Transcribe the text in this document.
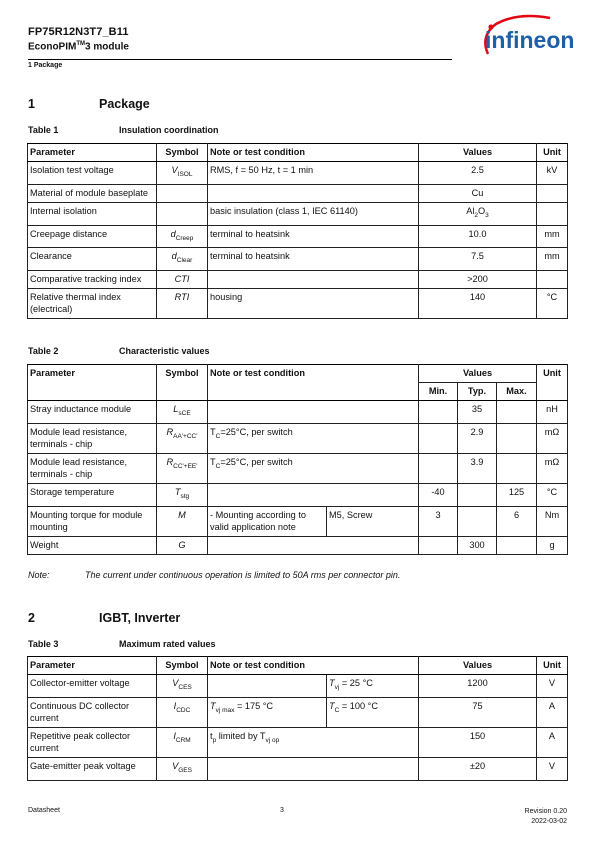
FP75R12N3T7_B11
EconoPIM™3 module
1 Package
infineon
1	Package
Table 1	Insulation coordination
Parameter	Symbol	Note or test condition	Values	Unit
Isolation test voltage	$V_{ISOL}$	RMS, f = 50 Hz, t = 1 min	2.5	kV
Material of module baseplate			Cu	
Internal isolation		basic insulation (class 1, IEC 61140)	$Al_2O_3$	
Creepage distance	$d_{Creep}$	terminal to heatsink	10.0	mm
Clearance	$d_{Clear}$	terminal to heatsink	7.5	mm
Comparative tracking index	CTI		>200	
Relative thermal index (electrical)	RTI	housing	140	°C
Table 2	Characteristic values
Parameter	Symbol	Note or test condition		Values			Unit
				Min.	Typ.	Max.	
Stray inductance module	$L_{sCE}$				35		nH
Module lead resistance, terminals - chip	$R_{AA'+CC'}$	$T_C=25^\circ C$, per switch			2.9		mΩ
Module lead resistance, terminals - chip	$R_{CC'+EE'}$	$T_C=25^\circ C$, per switch			3.9		mΩ
Storage temperature	$T_{stg}$			-40		125	°C
Mounting torque for module mounting	M	- Mounting according to valid application note	M5, Screw	3		6	Nm
Weight	G				300		g
Note:	The current under continuous operation is limited to 50A rms per connector pin.
2	IGBT, Inverter
Table 3	Maximum rated values
Parameter	Symbol	Note or test condition		Values	Unit
Collector-emitter voltage	$V_{CES}$		$T_{vj} = 25$ °C	1200	V
Continuous DC collector current	$I_{CDC}$	$T_{vj max} = 175$ °C	$T_C = 100$ °C	75	A
Repetitive peak collector current	$I_{CRM}$	$t_p$ limited by $T_{vj op}$		150	A
Gate-emitter peak voltage	$V_{GES}$			±20	V
Datasheet	3	Revision 0.20
2022-03-02
